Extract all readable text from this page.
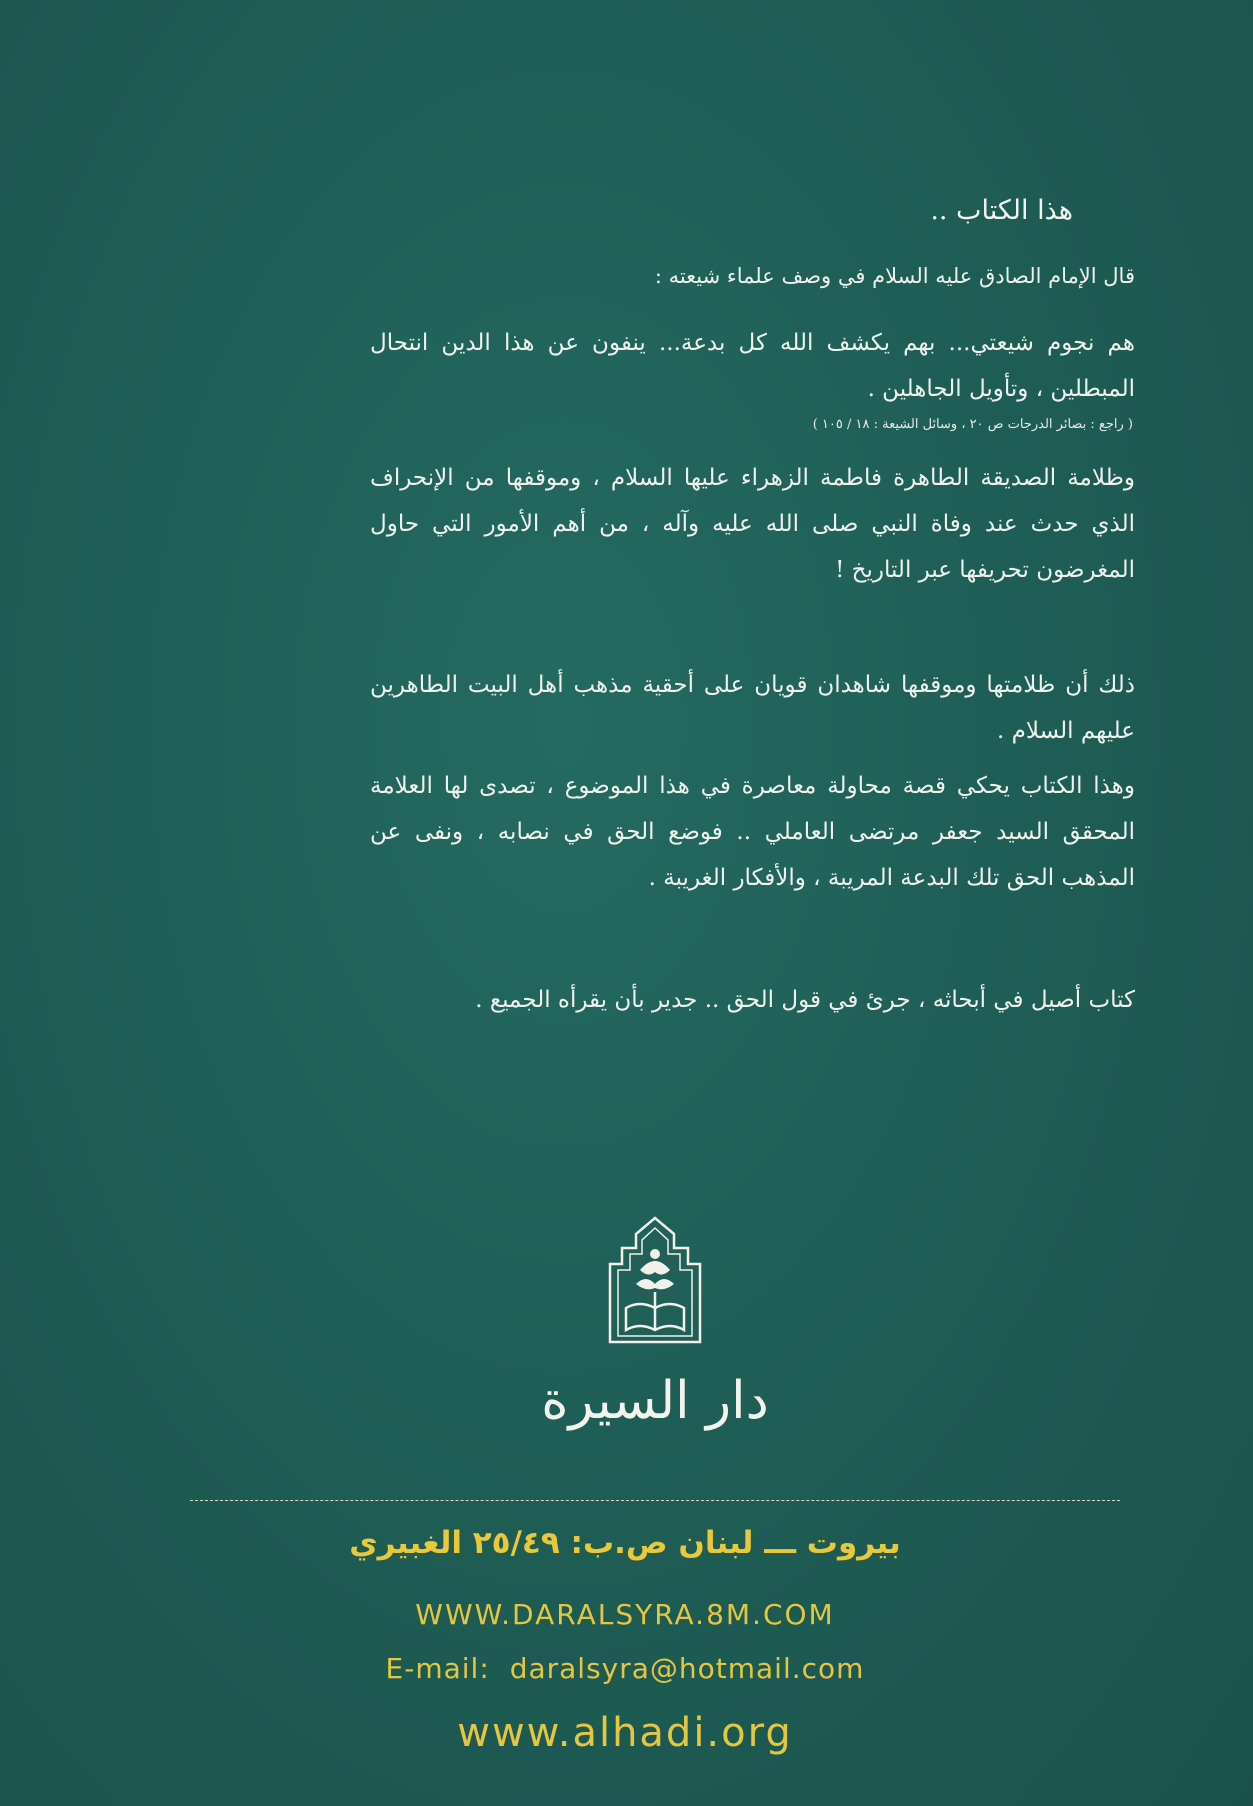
هذا الكتاب ..
قال الإمام الصادق عليه السلام في وصف علماء شيعته :
هم نجوم شيعتي... بهم يكشف الله كل بدعة... ينفون عن هذا الدين انتحال المبطلين ، وتأويل الجاهلين .
( راجع : بصائر الدرجات ص ٢٠ ، وسائل الشيعة : ١٨ / ١٠٥ )
وظلامة الصديقة الطاهرة فاطمة الزهراء عليها السلام ، وموقفها من الإنحراف الذي حدث عند وفاة النبي صلى الله عليه وآله ، من أهم الأمور التي حاول المغرضون تحريفها عبر التاريخ !
ذلك أن ظلامتها وموقفها شاهدان قويان على أحقية مذهب أهل البيت الطاهرين عليهم السلام .
وهذا الكتاب يحكي قصة محاولة معاصرة في هذا الموضوع ، تصدى لها العلامة المحقق السيد جعفر مرتضى العاملي .. فوضع الحق في نصابه ، ونفى عن المذهب الحق تلك البدعة المريبة ، والأفكار الغريبة .
كتاب أصيل في أبحاثه ، جرئ في قول الحق .. جدير بأن يقرأه الجميع .
دار السيرة
بيروت ـــ لبنان ص.ب: ٢٥/٤٩ الغبيري
WWW.DARALSYRA.8M.COM
E-mail: daralsyra@hotmail.com
www.alhadi.org
